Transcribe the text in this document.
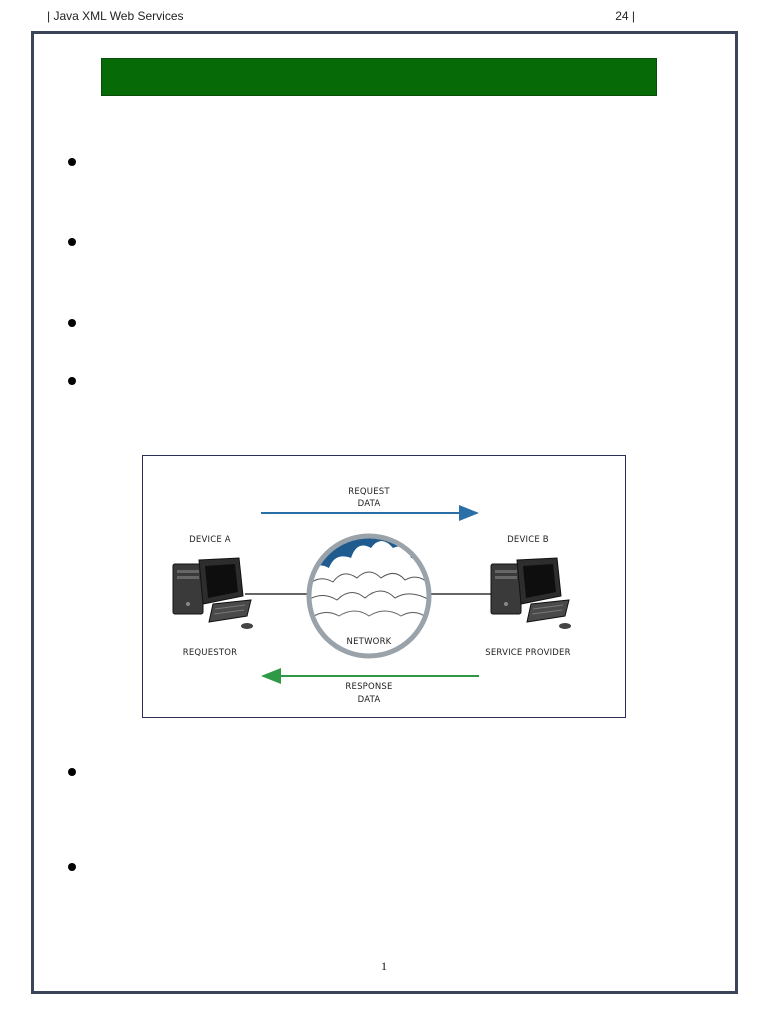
| Java XML Web Services	24 |
REQUEST
DATA
DEVICE A
REQUESTOR
NETWORK
DEVICE B
SERVICE PROVIDER
RESPONSE
DATA
1
